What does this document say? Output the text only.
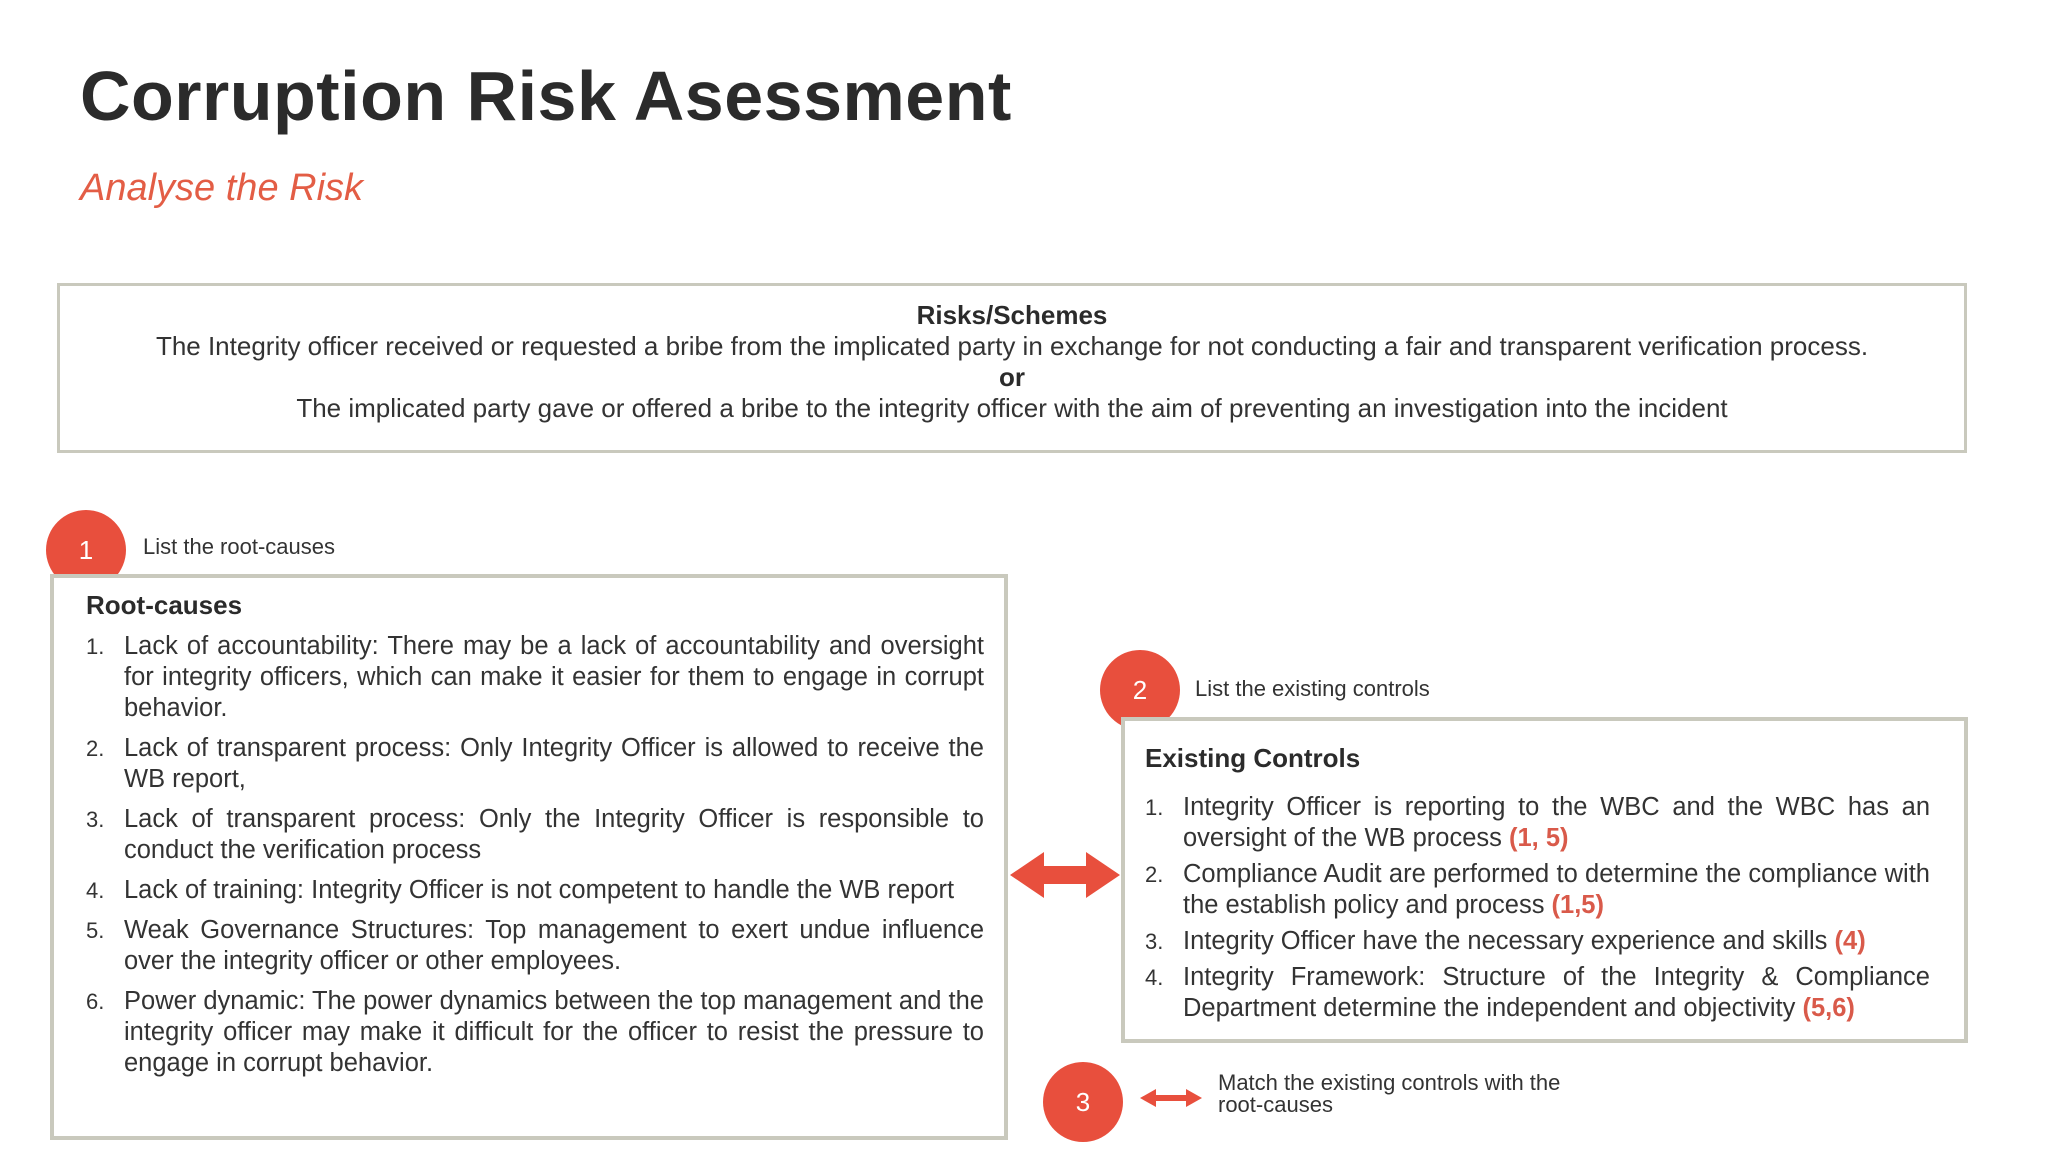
Corruption Risk Asessment
Analyse the Risk
Risks/Schemes
The Integrity officer received or requested a bribe from the implicated party in exchange for not conducting a fair and transparent verification process.
or
The implicated party gave or offered a bribe to the integrity officer with the aim of preventing an investigation into the incident
1 List the root-causes
Root-causes
1. Lack of accountability: There may be a lack of accountability and oversight for integrity officers, which can make it easier for them to engage in corrupt behavior.
2. Lack of transparent process: Only Integrity Officer is allowed to receive the WB report,
3. Lack of transparent process: Only the Integrity Officer is responsible to conduct the verification process
4. Lack of training: Integrity Officer is not competent to handle the WB report
5. Weak Governance Structures: Top management to exert undue influence over the integrity officer or other employees.
6. Power dynamic: The power dynamics between the top management and the integrity officer may make it difficult for the officer to resist the pressure to engage in corrupt behavior.
2 List the existing controls
Existing Controls
1. Integrity Officer is reporting to the WBC and the WBC has an oversight of the WB process (1, 5)
2. Compliance Audit are performed to determine the compliance with the establish policy and process (1,5)
3. Integrity Officer have the necessary experience and skills (4)
4. Integrity Framework: Structure of the Integrity & Compliance Department determine the independent and objectivity (5,6)
3
Match the existing controls with the root-causes
